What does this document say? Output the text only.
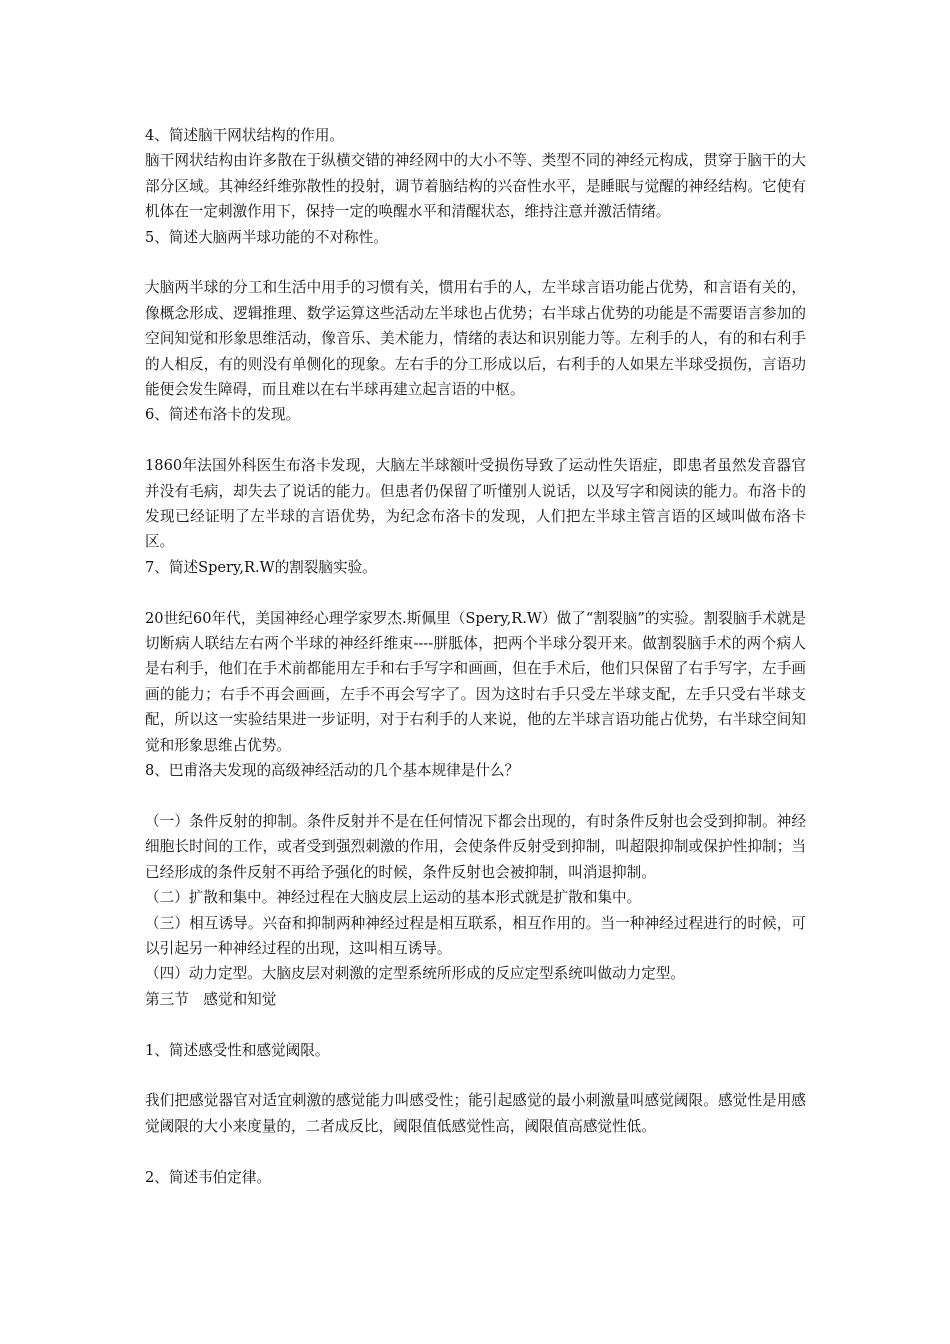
4、简述脑干网状结构的作用。

脑干网状结构由许多散在于纵横交错的神经网中的大小不等、类型不同的神经元构成，贯穿于脑干的大部分区域。其神经纤维弥散性的投射，调节着脑结构的兴奋性水平，是睡眠与觉醒的神经结构。它使有机体在一定刺激作用下，保持一定的唤醒水平和清醒状态，维持注意并激活情绪。

5、简述大脑两半球功能的不对称性。

大脑两半球的分工和生活中用手的习惯有关，惯用右手的人，左半球言语功能占优势，和言语有关的，像概念形成、逻辑推理、数学运算这些活动左半球也占优势；右半球占优势的功能是不需要语言参加的空间知觉和形象思维活动，像音乐、美术能力，情绪的表达和识别能力等。左利手的人，有的和右利手的人相反，有的则没有单侧化的现象。左右手的分工形成以后，右利手的人如果左半球受损伤，言语功能便会发生障碍，而且难以在右半球再建立起言语的中枢。

6、简述布洛卡的发现。

1860年法国外科医生布洛卡发现，大脑左半球额叶受损伤导致了运动性失语症，即患者虽然发音器官并没有毛病，却失去了说话的能力。但患者仍保留了听懂别人说话，以及写字和阅读的能力。布洛卡的发现已经证明了左半球的言语优势，为纪念布洛卡的发现，人们把左半球主管言语的区域叫做布洛卡区。

7、简述Spery,R.W的割裂脑实验。

20世纪60年代，美国神经心理学家罗杰.斯佩里（Spery,R.W）做了“割裂脑”的实验。割裂脑手术就是切断病人联结左右两个半球的神经纤维束----胼胝体，把两个半球分裂开来。做割裂脑手术的两个病人是右利手，他们在手术前都能用左手和右手写字和画画，但在手术后，他们只保留了右手写字，左手画画的能力；右手不再会画画，左手不再会写字了。因为这时右手只受左半球支配，左手只受右半球支配，所以这一实验结果进一步证明，对于右利手的人来说，他的左半球言语功能占优势，右半球空间知觉和形象思维占优势。

8、巴甫洛夫发现的高级神经活动的几个基本规律是什么？

（一）条件反射的抑制。条件反射并不是在任何情况下都会出现的，有时条件反射也会受到抑制。神经细胞长时间的工作，或者受到强烈刺激的作用，会使条件反射受到抑制，叫超限抑制或保护性抑制；当已经形成的条件反射不再给予强化的时候，条件反射也会被抑制，叫消退抑制。

（二）扩散和集中。神经过程在大脑皮层上运动的基本形式就是扩散和集中。

（三）相互诱导。兴奋和抑制两种神经过程是相互联系，相互作用的。当一种神经过程进行的时候，可以引起另一种神经过程的出现，这叫相互诱导。

（四）动力定型。大脑皮层对刺激的定型系统所形成的反应定型系统叫做动力定型。

第三节　感觉和知觉

1、简述感受性和感觉阈限。

我们把感觉器官对适宜刺激的感觉能力叫感受性；能引起感觉的最小刺激量叫感觉阈限。感觉性是用感觉阈限的大小来度量的，二者成反比，阈限值低感觉性高，阈限值高感觉性低。

2、简述韦伯定律。
